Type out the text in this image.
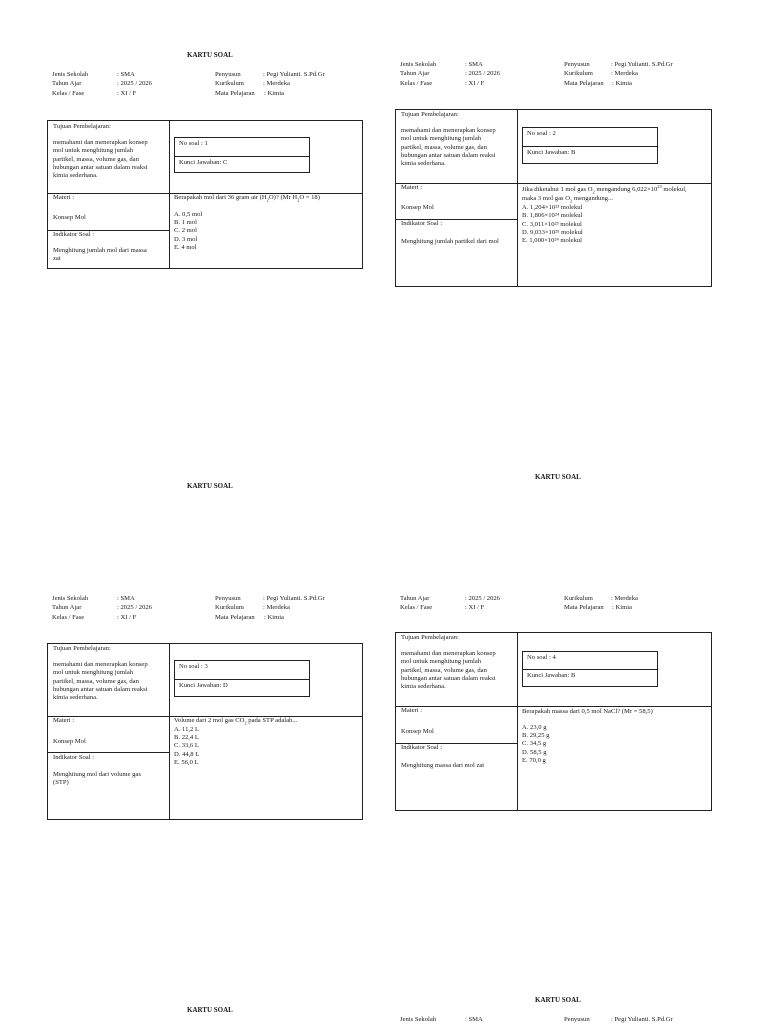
KARTU SOAL
Jenis Sekolah	: SMA	Penyusun	: Pegi Yulianti. S.Pd.Gr
Tahun Ajar	: 2025 / 2026	Kurikulum	: Merdeka
Kelas / Fase	: XI / F	Mata Pelajaran : Kimia
Tujuan Pembelajaran:
memahami dan menerapkan konsep
mol untuk menghitung jumlah
partikel, massa, volume gas, dan
hubungan antar satuan dalam reaksi
kimia sederhana.
No soal : 1
Kunci Jawaban: C
Materi :
Konsep Mol
Indikator Soal :
Menghitung jumlah mol dari massa
zat
Berapakah mol dari 36 gram air $(H_2O)$? (Mr $H_2O = 18$)
A. 0,5 mol
B. 1 mol
C. 2 mol
D. 3 mol
E. 4 mol
Jenis Sekolah	: SMA	Penyusun	: Pegi Yulianti. S.Pd.Gr
Tahun Ajar	: 2025 / 2026	Kurikulum	: Merdeka
Kelas / Fase	: XI / F	Mata Pelajaran : Kimia
Tujuan Pembelajaran:
memahami dan menerapkan konsep
mol untuk menghitung jumlah
partikel, massa, volume gas, dan
hubungan antar satuan dalam reaksi
kimia sederhana.
No soal : 2
Kunci Jawaban: B
Materi :
Konsep Mol
Indikator Soal :
Menghitung jumlah partikel dari mol
Jika diketahui 1 mol gas $O_2$ mengandung $6,022\times 10^{23}$ molekul,
maka 3 mol gas $O_2$ mengandung...
A. 1,204×10²³ molekul
B. 1,806×10²⁴ molekul
C. 3,011×10²³ molekul
D. 9,033×10²⁵ molekul
E. 1,000×10²⁴ molekul
KARTU SOAL
KARTU SOAL
Jenis Sekolah	: SMA	Penyusun	: Pegi Yulianti. S.Pd.Gr
Tahun Ajar	: 2025 / 2026	Kurikulum	: Merdeka
Kelas / Fase	: XI / F	Mata Pelajaran : Kimia
Tujuan Pembelajaran:
memahami dan menerapkan konsep
mol untuk menghitung jumlah
partikel, massa, volume gas, dan
hubungan antar satuan dalam reaksi
kimia sederhana.
No soal : 3
Kunci Jawaban: D
Materi :
Konsep Mol
Indikator Soal :
Menghitung mol dari volume gas
(STP)
Volume dari 2 mol gas $CO_2$ pada STP adalah...
A. 11,2 L
B. 22,4 L
C. 33,6 L
D. 44,8 L
E. 56,0 L
Tahun Ajar	: 2025 / 2026	Kurikulum	: Merdeka
Kelas / Fase	: XI / F	Mata Pelajaran : Kimia
Tujuan Pembelajaran:
memahami dan menerapkan konsep
mol untuk menghitung jumlah
partikel, massa, volume gas, dan
hubungan antar satuan dalam reaksi
kimia sederhana.
No soal : 4
Kunci Jawaban: B
Materi :
Konsep Mol
Indikator Soal :
Menghitung massa dari mol zat
Berapakah massa dari 0,5 mol NaCl? (Mr = 58,5)
A. 23,0 g
B. 29,25 g
C. 34,5 g
D. 58,5 g
E. 70,0 g
KARTU SOAL
KARTU SOAL
Jenis Sekolah	: SMA	Penyusun	: Pegi Yulianti. S.Pd.Gr
